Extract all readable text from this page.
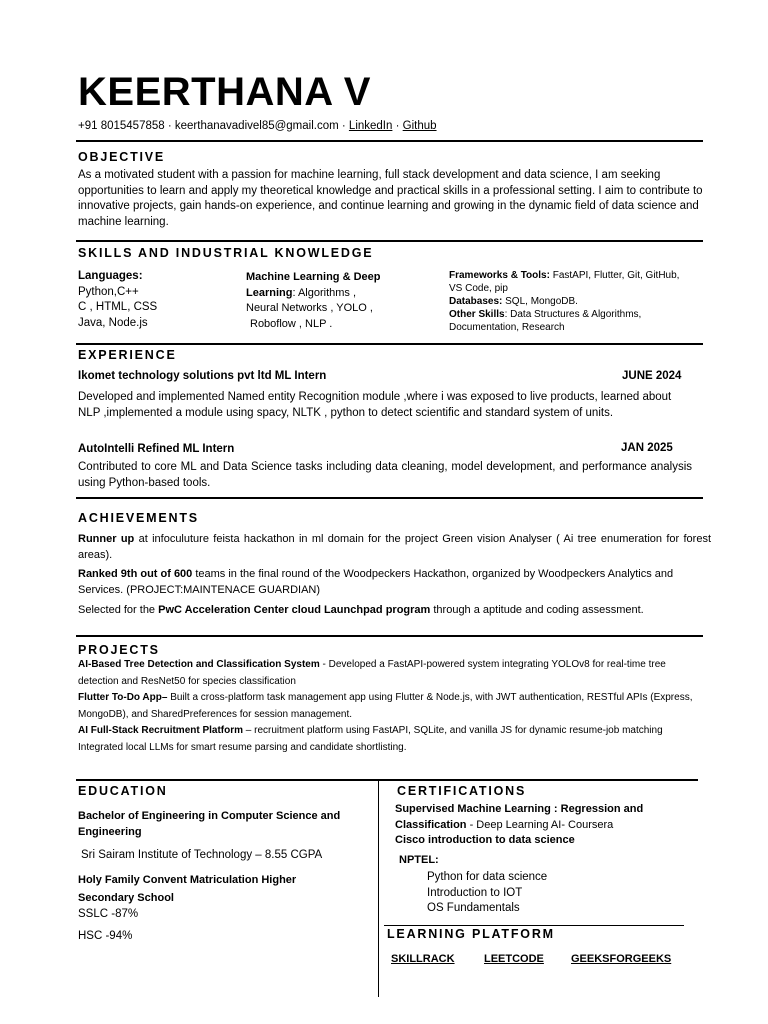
KEERTHANA V
+91 8015457858 · keerthanavadivel85@gmail.com · LinkedIn · Github
OBJECTIVE
As a motivated student with a passion for machine learning, full stack development and data science, I am seeking opportunities to learn and apply my theoretical knowledge and practical skills in a professional setting. I aim to contribute to innovative projects, gain hands-on experience, and continue learning and growing in the dynamic field of data science and machine learning.
SKILLS AND INDUSTRIAL KNOWLEDGE
Languages:
Python,C++
C , HTML, CSS
Java, Node.js
Machine Learning & Deep
Learning: Algorithms ,
Neural Networks , YOLO ,
Roboflow , NLP .
Frameworks & Tools: FastAPI, Flutter, Git, GitHub, VS Code, pip
Databases: SQL, MongoDB.
Other Skills: Data Structures & Algorithms, Documentation, Research
EXPERIENCE
Ikomet technology solutions pvt ltd ML Intern	JUNE 2024
Developed and implemented Named entity Recognition module ,where i was exposed to live products, learned about NLP ,implemented a module using spacy, NLTK , python to detect scientific and standard system of units.
AutoIntelli Refined ML Intern	JAN 2025
Contributed to core ML and Data Science tasks including data cleaning, model development, and performance analysis using Python-based tools.
ACHIEVEMENTS
Runner up at infoculuture feista hackathon in ml domain for the project Green vision Analyser ( Ai tree enumeration for forest areas).
Ranked 9th out of 600 teams in the final round of the Woodpeckers Hackathon, organized by Woodpeckers Analytics and Services. (PROJECT:MAINTENACE GUARDIAN)
Selected for the PwC Acceleration Center cloud Launchpad program through a aptitude and coding assessment.
PROJECTS
AI-Based Tree Detection and Classification System - Developed a FastAPI-powered system integrating YOLOv8 for real-time tree detection and ResNet50 for species classification
Flutter To-Do App– Built a cross-platform task management app using Flutter & Node.js, with JWT authentication, RESTful APIs (Express, MongoDB), and SharedPreferences for session management.
AI Full-Stack Recruitment Platform – recruitment platform using FastAPI, SQLite, and vanilla JS for dynamic resume-job matching Integrated local LLMs for smart resume parsing and candidate shortlisting.
EDUCATION
Bachelor of Engineering in Computer Science and Engineering
Sri Sairam Institute of Technology – 8.55 CGPA
Holy Family Convent Matriculation Higher Secondary School
SSLC -87%
HSC -94%
CERTIFICATIONS
Supervised Machine Learning : Regression and Classification - Deep Learning AI- Coursera
Cisco introduction to data science
NPTEL:
Python for data science
Introduction to IOT
OS Fundamentals
LEARNING PLATFORM
SKILLRACK	LEETCODE GEEKSFORGEEKS
